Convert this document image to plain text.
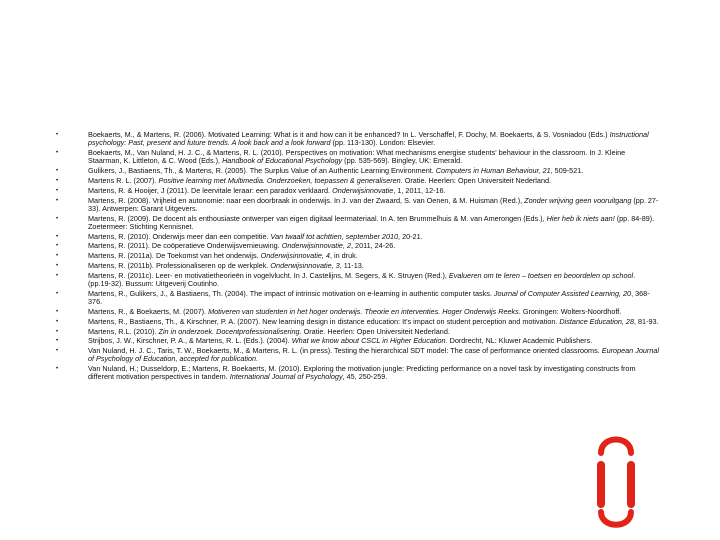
• Boekaerts, M., & Martens, R. (2006). Motivated Learning: What is it and how can it be enhanced? In L. Verschaffel, F. Dochy, M. Boekaerts, & S. Vosniadou (Eds.) Instructional psychology: Past, present and future trends. A look back and a look forward (pp. 113-130). London: Elsevier.
• Boekaerts, M., Van Nuland, H. J. C., & Martens, R. L. (2010). Perspectives on motivation: What mechanisms energise students' behaviour in the classroom. In J. Kleine Staarman, K. Littleton, & C. Wood (Eds.), Handbook of Educational Psychology (pp. 535-569). Bingley, UK: Emerald.
• Gulikers, J., Bastiaens, Th., & Martens, R. (2005). The Surplus Value of an Authentic Learning Environment. Computers in Human Behaviour, 21, 509-521.
• Martens R. L. (2007). Positive learning met Multimedia. Onderzoeken, toepassen & generaliseren. Oratie. Heerlen: Open Universiteit Nederland.
• Martens, R. & Hooijer, J (2011). De leervitale leraar: een paradox verklaard. Onderwijsinnovatie, 1, 2011, 12-16.
• Martens, R. (2008). Vrijheid en autonomie: naar een doorbraak in onderwijs. In J. van der Zwaard, S. van Oenen, & M. Huisman (Red.), Zonder wrijving geen vooruitgang (pp. 27-33). Antwerpen: Garant Uitgevers.
• Martens, R. (2009). De docent als enthousiaste ontwerper van eigen digitaal leermateriaal. In A. ten Brummelhuis & M. van Amerongen (Eds.), Hier heb ik niets aan! (pp. 84-89). Zoetermeer: Stichting Kennisnet.
• Martens, R. (2010). Onderwijs meer dan een competitie. Van twaalf tot achttien, september 2010, 20-21.
• Martens, R. (2011). De coöperatieve Onderwijsvernieuwing. Onderwijsinnovatie, 2, 2011, 24-26.
• Martens, R. (2011a). De Toekomst van het onderwijs. Onderwijsinnovatie, 4, in druk.
• Martens, R. (2011b). Professionaliseren op de werkplek. Onderwijsinnovatie, 3, 11-13.
• Martens, R. (2011c). Leer- en motivatietheorieën in vogelvlucht. In J. Castelijns, M. Segers, & K. Struyen (Red.), Evalueren om te leren – toetsen en beoordelen op school. (pp.19-32). Bussum: Uitgeverij Coutinho.
• Martens, R., Gulikers, J., & Bastiaens, Th. (2004). The impact of intrinsic motivation on e-learning in authentic computer tasks. Journal of Computer Assisted Learning, 20, 368-376.
• Martens, R., & Boekaerts, M. (2007). Motiveren van studenten in het hoger onderwijs. Theorie en interventies. Hoger Onderwijs Reeks. Groningen: Wolters-Noordhoff.
• Martens, R., Bastiaens, Th., & Kirschner, P. A. (2007). New learning design in distance education: It's impact on student perception and motivation. Distance Education, 28, 81-93.
• Martens, R.L. (2010). Zin in onderzoek. Docentprofessionalisering. Oratie. Heerlen: Open Universiteit Nederland.
• Strijbos, J. W., Kirschner, P. A., & Martens, R. L. (Eds.). (2004). What we know about CSCL in Higher Education. Dordrecht, NL: Kluwer Academic Publishers.
• Van Nuland, H. J. C., Taris, T. W., Boekaerts, M., & Martens, R. L. (in press). Testing the hierarchical SDT model: The case of performance oriented classrooms. European Journal of Psychology of Education, accepted for publication.
• Van Nuland, H.; Dusseldorp, E.; Martens, R. Boekaerts, M. (2010). Exploring the motivation jungle: Predicting performance on a novel task by investigating constructs from different motivation perspectives in tandem. International Journal of Psychology, 45, 250-259.
